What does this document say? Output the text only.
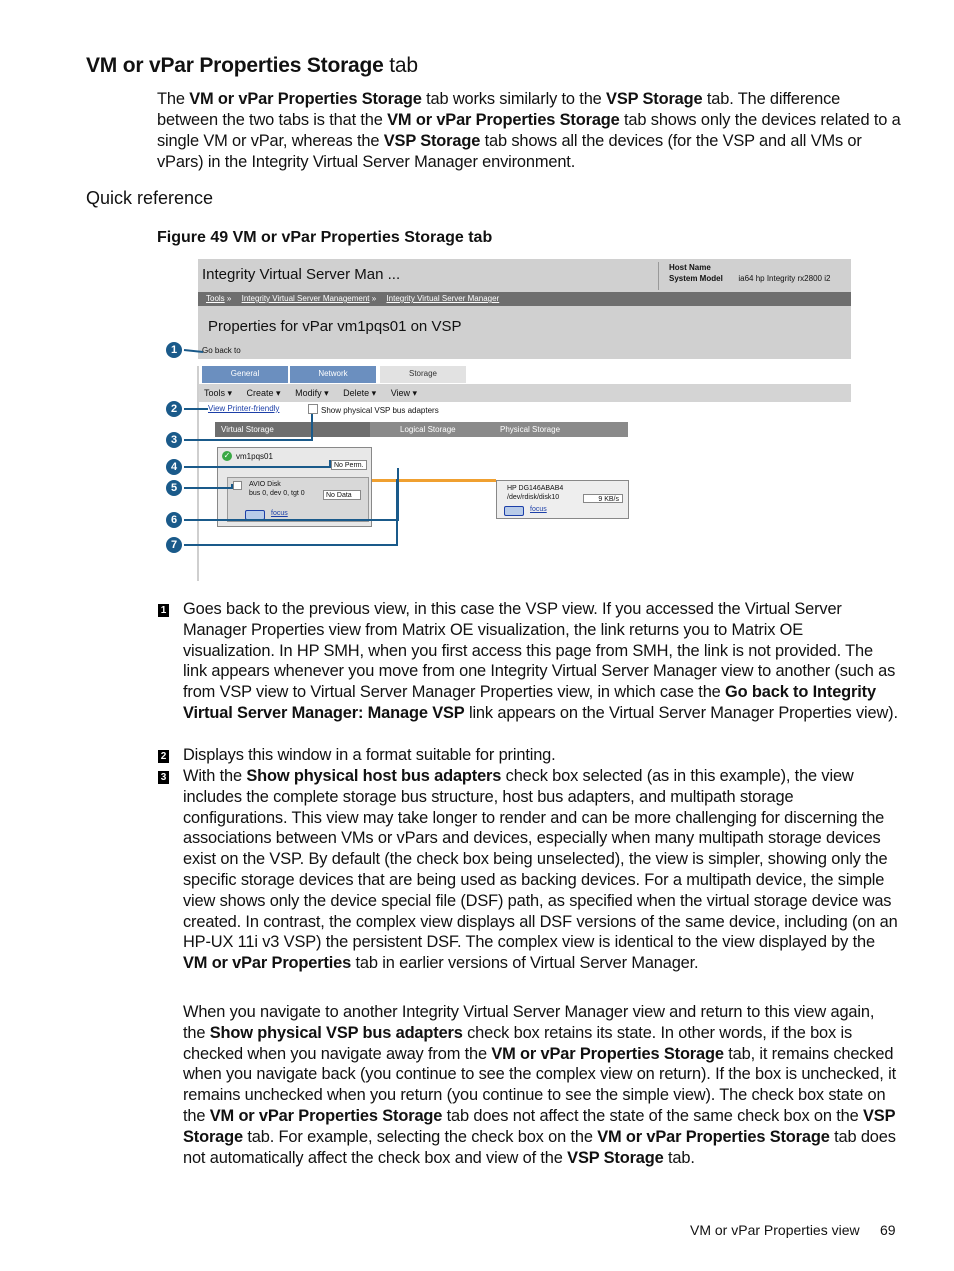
VM or vPar Properties Storage tab

The VM or vPar Properties Storage tab works similarly to the VSP Storage tab. The difference between the two tabs is that the VM or vPar Properties Storage tab shows only the devices related to a single VM or vPar, whereas the VSP Storage tab shows all the devices (for the VSP and all VMs or vPars) in the Integrity Virtual Server Manager environment.

Quick reference

Figure 49 VM or vPar Properties Storage tab

Integrity Virtual Server Man ...	Host Name
System Model ia64 hp Integrity rx2800 i2
Tools » Integrity Virtual Server Management » Integrity Virtual Server Manager
Properties for vPar vm1pqs01 on VSP
Go back to
General	Network	Storage
Tools ▾ Create ▾ Modify ▾ Delete ▾ View ▾
View Printer-friendly	Show physical VSP bus adapters
Virtual Storage	Logical Storage	Physical Storage
✓ vm1pqs01
No Perm.
AVIO Disk
bus 0, dev 0, tgt 0	No Data
focus
HP DG146ABAB4
/dev/rdisk/disk10	9 KB/s
focus
1
2
3
4
5
6
7
1 Goes back to the previous view, in this case the VSP view. If you accessed the Virtual Server Manager Properties view from Matrix OE visualization, the link returns you to Matrix OE visualization. In HP SMH, when you first access this page from SMH, the link is not provided. The link appears whenever you move from one Integrity Virtual Server Manager view to another (such as from VSP view to Virtual Server Manager Properties view, in which case the Go back to Integrity Virtual Server Manager: Manage VSP link appears on the Virtual Server Manager Properties view).

2 Displays this window in a format suitable for printing.

3 With the Show physical host bus adapters check box selected (as in this example), the view includes the complete storage bus structure, host bus adapters, and multipath storage configurations. This view may take longer to render and can be more challenging for discerning the associations between VMs or vPars and devices, especially when many multipath storage devices exist on the VSP. By default (the check box being unselected), the view is simpler, showing only the specific storage devices that are being used as backing devices. For a multipath device, the simple view shows only the device special file (DSF) path, as specified when the virtual storage device was created. In contrast, the complex view displays all DSF versions of the same device, including (on an HP-UX 11i v3 VSP) the persistent DSF. The complex view is identical to the view displayed by the VM or vPar Properties tab in earlier versions of Virtual Server Manager.

When you navigate to another Integrity Virtual Server Manager view and return to this view again, the Show physical VSP bus adapters check box retains its state. In other words, if the box is checked when you navigate away from the VM or vPar Properties Storage tab, it remains checked when you navigate back (you continue to see the complex view on return). If the box is unchecked, it remains unchecked when you return (you continue to see the simple view). The check box state on the VM or vPar Properties Storage tab does not affect the state of the same check box on the VSP Storage tab. For example, selecting the check box on the VM or vPar Properties Storage tab does not automatically affect the check box and view of the VSP Storage tab.

VM or vPar Properties view 69
